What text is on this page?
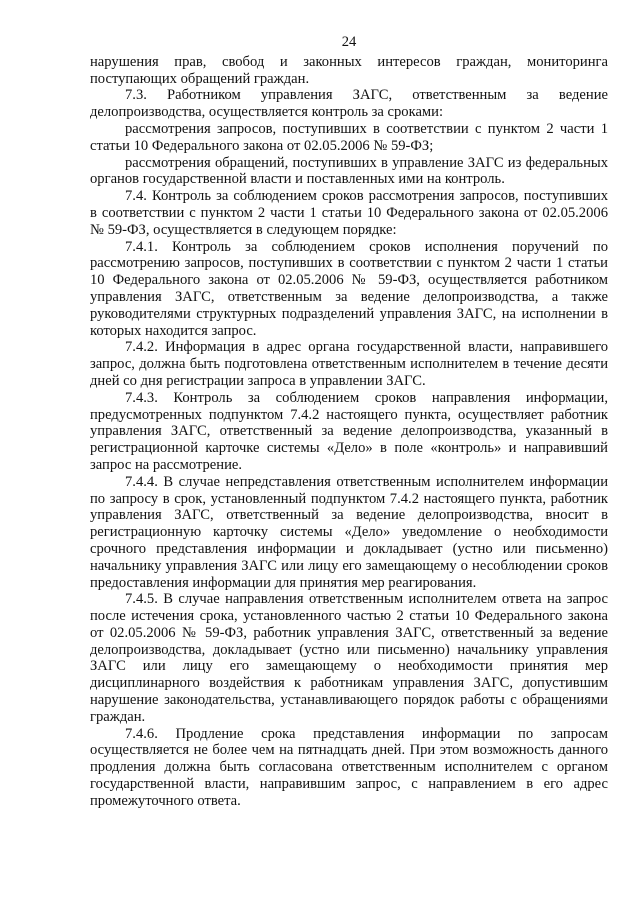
24

нарушения прав, свобод и законных интересов граждан, мониторинга поступающих обращений граждан.

7.3. Работником управления ЗАГС, ответственным за ведение делопроизводства, осуществляется контроль за сроками:

рассмотрения запросов, поступивших в соответствии с пунктом 2 части 1 статьи 10 Федерального закона от 02.05.2006 № 59-ФЗ;

рассмотрения обращений, поступивших в управление ЗАГС из федеральных органов государственной власти и поставленных ими на контроль.

7.4. Контроль за соблюдением сроков рассмотрения запросов, поступивших в соответствии с пунктом 2 части 1 статьи 10 Федерального закона от 02.05.2006 № 59-ФЗ, осуществляется в следующем порядке:

7.4.1. Контроль за соблюдением сроков исполнения поручений по рассмотрению запросов, поступивших в соответствии с пунктом 2 части 1 статьи 10 Федерального закона от 02.05.2006 № 59-ФЗ, осуществляется работником управления ЗАГС, ответственным за ведение делопроизводства, а также руководителями структурных подразделений управления ЗАГС, на исполнении в которых находится запрос.

7.4.2. Информация в адрес органа государственной власти, направившего запрос, должна быть подготовлена ответственным исполнителем в течение десяти дней со дня регистрации запроса в управлении ЗАГС.

7.4.3. Контроль за соблюдением сроков направления информации, предусмотренных подпунктом 7.4.2 настоящего пункта, осуществляет работник управления ЗАГС, ответственный за ведение делопроизводства, указанный в регистрационной карточке системы «Дело» в поле «контроль» и направивший запрос на рассмотрение.

7.4.4. В случае непредставления ответственным исполнителем информации по запросу в срок, установленный подпунктом 7.4.2 настоящего пункта, работник управления ЗАГС, ответственный за ведение делопроизводства, вносит в регистрационную карточку системы «Дело» уведомление о необходимости срочного представления информации и докладывает (устно или письменно) начальнику управления ЗАГС или лицу его замещающему о несоблюдении сроков предоставления информации для принятия мер реагирования.

7.4.5. В случае направления ответственным исполнителем ответа на запрос после истечения срока, установленного частью 2 статьи 10 Федерального закона от 02.05.2006 № 59-ФЗ, работник управления ЗАГС, ответственный за ведение делопроизводства, докладывает (устно или письменно) начальнику управления ЗАГС или лицу его замещающему о необходимости принятия мер дисциплинарного воздействия к работникам управления ЗАГС, допустившим нарушение законодательства, устанавливающего порядок работы с обращениями граждан.

7.4.6. Продление срока представления информации по запросам осуществляется не более чем на пятнадцать дней. При этом возможность данного продления должна быть согласована ответственным исполнителем с органом государственной власти, направившим запрос, с направлением в его адрес промежуточного ответа.
